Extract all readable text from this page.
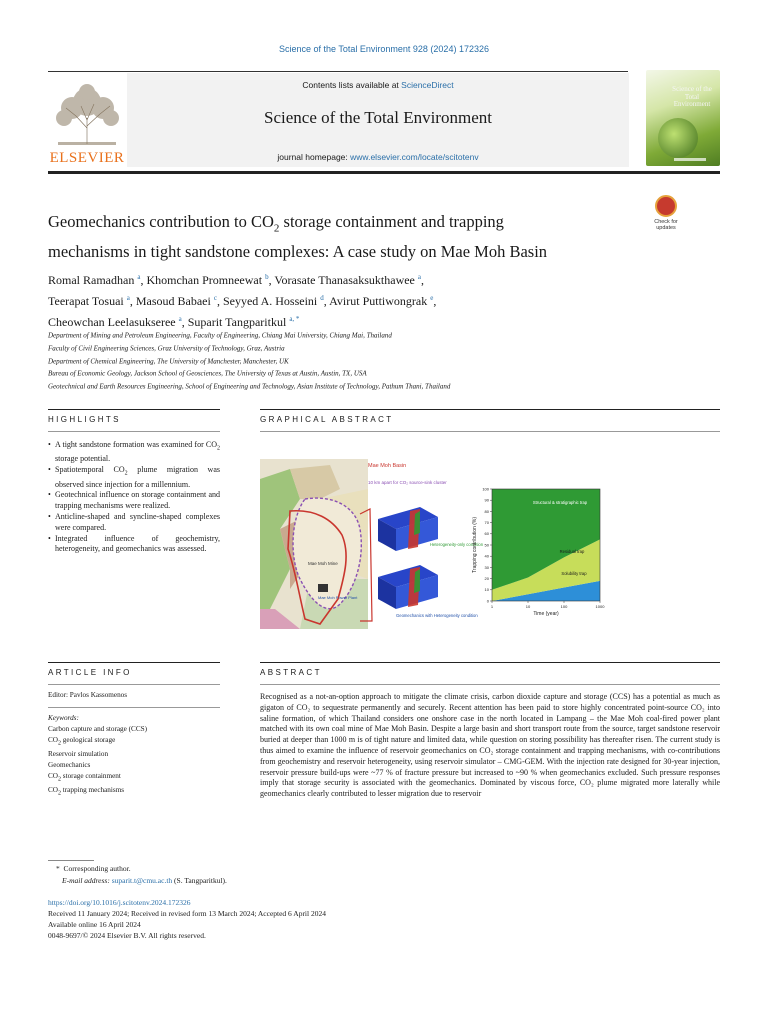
Science of the Total Environment 928 (2024) 172326
Contents lists available at ScienceDirect
Science of the Total Environment
journal homepage: www.elsevier.com/locate/scitotenv
ELSEVIER
Science of the Total Environment
Geomechanics contribution to $CO_2$ storage containment and trapping
mechanisms in tight sandstone complexes: A case study on Mae Moh Basin
Check for updates
Romal Ramadhan $^a$, Khomchan Promneewat $^b$, Vorasate Thanasaksukthawee $^a$,
Teerapat Tosuai $^a$, Masoud Babaei $^c$, Seyyed A. Hosseini $^d$, Avirut Puttiwongrak $^e$,
Cheowchan Leelasukseree $^a$, Suparit Tangparitkul $^{a, *}$
Department of Mining and Petroleum Engineering, Faculty of Engineering, Chiang Mai University, Chiang Mai, Thailand
Faculty of Civil Engineering Sciences, Graz University of Technology, Graz, Austria
Department of Chemical Engineering, The University of Manchester, Manchester, UK
Bureau of Economic Geology, Jackson School of Geosciences, The University of Texas at Austin, Austin, TX, USA
Geotechnical and Earth Resources Engineering, School of Engineering and Technology, Asian Institute of Technology, Pathum Thani, Thailand
HIGHLIGHTS	GRAPHICAL ABSTRACT
• A tight sandstone formation was examined for $CO_2$ storage potential.
• Spatiotemporal $CO_2$ plume migration was observed since injection for a millennium.
• Geotechnical influence on storage containment and trapping mechanisms were realized.
• Anticline-shaped and syncline-shaped complexes were compared.
• Integrated influence of geochemistry, heterogeneity, and geomechanics was assessed.
Mae Moh Basin
10 km apart for CO₂ source-sink cluster
Mae Moh Mine
Mae Moh Power Plant
Heterogeneity-only condition
Geomechanics with Heterogeneity condition
0
10
20
30
40
50
60
70
80
90
100
1	10	100	1000
Time (year)
Trapping contribution (%)
Structural & stratigraphic trap
Residual trap
Solubility trap
ARTICLE INFO
Editor: Pavlos Kassomenos
Keywords:
Carbon capture and storage (CCS)
$CO_2$ geological storage
Reservoir simulation
Geomechanics
$CO_2$ storage containment
$CO_2$ trapping mechanisms
ABSTRACT
Recognised as a not-an-option approach to mitigate the climate crisis, carbon dioxide capture and storage (CCS) has a potential as much as gigaton of CO₂ to sequestrate permanently and securely. Recent attention has been paid to store highly concentrated point-source CO₂ into saline formation, of which Thailand considers one onshore case in the north located in Lampang – the Mae Moh coal-fired power plant matched with its own coal mine of Mae Moh Basin. Despite a large basin and short transport route from the source, target sandstone reservoir buried at deeper than 1000 m is of tight nature and limited data, while question on storing possibility has thereafter risen. The current study is thus aimed to examine the influence of reservoir geomechanics on CO₂ storage containment and trapping mechanisms, with co-contributions from geochemistry and reservoir heterogeneity, using reservoir simulator – CMG-GEM. With the injection rate designed for 30-year injection, reservoir pressure build-ups were ~77 % of fracture pressure but increased to ~90 % when geomechanics excluded. Such pressure responses imply that storage security is associated with the geomechanics. Dominated by viscous force, CO₂ plume migrated more laterally while geomechanics clearly contributed to lesser migration due to reservoir
* Corresponding author.
E-mail address: suparit.t@cmu.ac.th (S. Tangparitkul).
https://doi.org/10.1016/j.scitotenv.2024.172326
Received 11 January 2024; Received in revised form 13 March 2024; Accepted 6 April 2024
Available online 16 April 2024
0048-9697/© 2024 Elsevier B.V. All rights reserved.
